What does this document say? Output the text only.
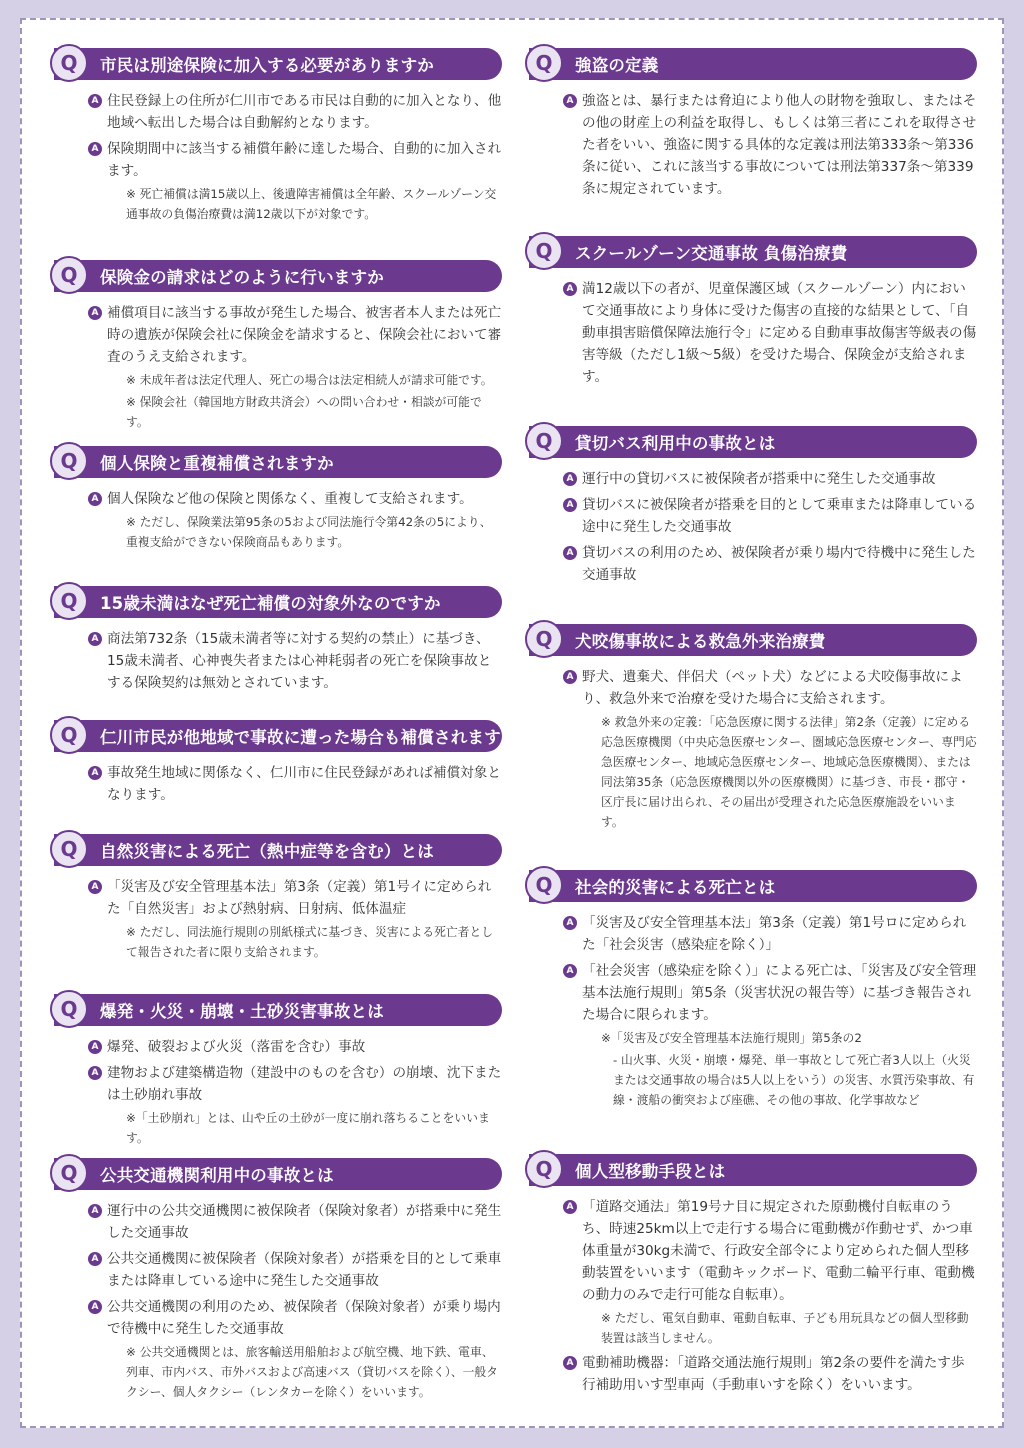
Q	市民は別途保険に加入する必要がありますか
A 住民登録上の住所が仁川市である市民は自動的に加入となり、他地域へ転出した場合は自動解約となります。
A 保険期間中に該当する補償年齢に達した場合、自動的に加入されます。
※ 死亡補償は満15歳以上、後遺障害補償は全年齢、スクールゾーン交通事故の負傷治療費は満12歳以下が対象です。
Q	保険金の請求はどのように行いますか
A 補償項目に該当する事故が発生した場合、被害者本人または死亡時の遺族が保険会社に保険金を請求すると、保険会社において審査のうえ支給されます。
※ 未成年者は法定代理人、死亡の場合は法定相続人が請求可能です。
※ 保険会社（韓国地方財政共済会）への問い合わせ・相談が可能です。
Q	個人保険と重複補償されますか
A 個人保険など他の保険と関係なく、重複して支給されます。
※ ただし、保険業法第95条の5および同法施行令第42条の5により、重複支給ができない保険商品もあります。
Q	15歳未満はなぜ死亡補償の対象外なのですか
A 商法第732条（15歳未満者等に対する契約の禁止）に基づき、15歳未満者、心神喪失者または心神耗弱者の死亡を保険事故とする保険契約は無効とされています。
Q	仁川市民が他地域で事故に遭った場合も補償されますか
A 事故発生地域に関係なく、仁川市に住民登録があれば補償対象となります。
Q	自然災害による死亡（熱中症等を含む）とは
A 「災害及び安全管理基本法」第3条（定義）第1号イに定められた「自然災害」および熱射病、日射病、低体温症
※ ただし、同法施行規則の別紙様式に基づき、災害による死亡者として報告された者に限り支給されます。
Q	爆発・火災・崩壊・土砂災害事故とは
A 爆発、破裂および火災（落雷を含む）事故
A 建物および建築構造物（建設中のものを含む）の崩壊、沈下または土砂崩れ事故
※「土砂崩れ」とは、山や丘の土砂が一度に崩れ落ちることをいいます。
Q	公共交通機関利用中の事故とは
A 運行中の公共交通機関に被保険者（保険対象者）が搭乗中に発生した交通事故
A 公共交通機関に被保険者（保険対象者）が搭乗を目的として乗車または降車している途中に発生した交通事故
A 公共交通機関の利用のため、被保険者（保険対象者）が乗り場内で待機中に発生した交通事故
※ 公共交通機関とは、旅客輸送用船舶および航空機、地下鉄、電車、列車、市内バス、市外バスおよび高速バス（貸切バスを除く）、一般タクシー、個人タクシー（レンタカーを除く）をいいます。
Q	強盗の定義
A 強盗とは、暴行または脅迫により他人の財物を強取し、またはその他の財産上の利益を取得し、もしくは第三者にこれを取得させた者をいい、強盗に関する具体的な定義は刑法第333条〜第336条に従い、これに該当する事故については刑法第337条〜第339条に規定されています。
Q	スクールゾーン交通事故 負傷治療費
A 満12歳以下の者が、児童保護区域（スクールゾーン）内において交通事故により身体に受けた傷害の直接的な結果として、「自動車損害賠償保障法施行令」に定める自動車事故傷害等級表の傷害等級（ただし1級〜5級）を受けた場合、保険金が支給されます。
Q	貸切バス利用中の事故とは
A 運行中の貸切バスに被保険者が搭乗中に発生した交通事故
A 貸切バスに被保険者が搭乗を目的として乗車または降車している途中に発生した交通事故
A 貸切バスの利用のため、被保険者が乗り場内で待機中に発生した交通事故
Q	犬咬傷事故による救急外来治療費
A 野犬、遺棄犬、伴侶犬（ペット犬）などによる犬咬傷事故により、救急外来で治療を受けた場合に支給されます。
※ 救急外来の定義：「応急医療に関する法律」第2条（定義）に定める応急医療機関（中央応急医療センター、圏域応急医療センター、専門応急医療センター、地域応急医療センター、地域応急医療機関）、または同法第35条（応急医療機関以外の医療機関）に基づき、市長・郡守・区庁長に届け出られ、その届出が受理された応急医療施設をいいます。
Q	社会的災害による死亡とは
A 「災害及び安全管理基本法」第3条（定義）第1号ロに定められた「社会災害（感染症を除く）」
A 「社会災害（感染症を除く）」による死亡は、「災害及び安全管理基本法施行規則」第5条（災害状況の報告等）に基づき報告された場合に限られます。
※「災害及び安全管理基本法施行規則」第5条の2
- 山火事、火災・崩壊・爆発、単一事故として死亡者3人以上（火災または交通事故の場合は5人以上をいう）の災害、水質汚染事故、有線・渡船の衝突および座礁、その他の事故、化学事故など
Q	個人型移動手段とは
A 「道路交通法」第19号ナ目に規定された原動機付自転車のうち、時速25km以上で走行する場合に電動機が作動せず、かつ車体重量が30kg未満で、行政安全部令により定められた個人型移動装置をいいます（電動キックボード、電動二輪平行車、電動機の動力のみで走行可能な自転車）。
※ ただし、電気自動車、電動自転車、子ども用玩具などの個人型移動装置は該当しません。
A 電動補助機器：「道路交通法施行規則」第2条の要件を満たす歩行補助用いす型車両（手動車いすを除く）をいいます。
